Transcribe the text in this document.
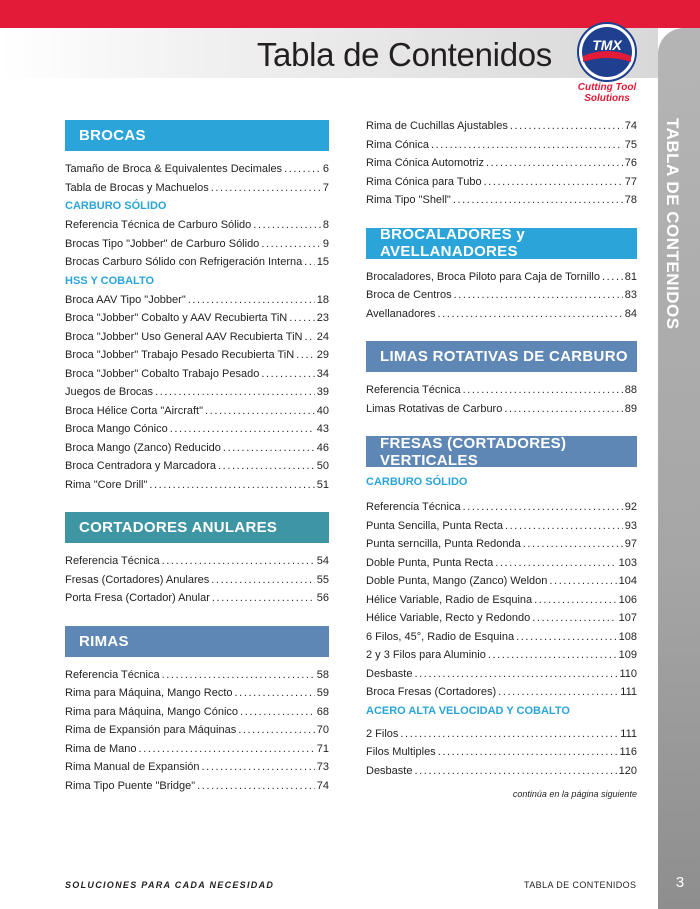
Tabla de Contenidos
TABLA DE CONTENIDOS
3
TMX
Cutting Tool
Solutions
BROCAS
Tamaño de Broca & Equivalentes Decimales .....	6
Tabla de Brocas y Machuelos .....	7
CARBURO SÓLIDO
Referencia Técnica de Carburo Sólido .....	8
Brocas Tipo "Jobber" de Carburo Sólido .....	9
Brocas Carburo Sólido con Refrigeración Interna ..... 15
HSS Y COBALTO
Broca AAV Tipo "Jobber" .....	18
Broca "Jobber" Cobalto y AAV Recubierta TiN .....	23
Broca "Jobber" Uso General AAV Recubierta TiN ..... 24
Broca "Jobber" Trabajo Pesado Recubierta TiN ..... 29
Broca "Jobber" Cobalto Trabajo Pesado .....	34
Juegos de Brocas .....	39
Broca Hélice Corta "Aircraft" .....	40
Broca Mango Cónico .....	43
Broca Mango (Zanco) Reducido .....	46
Broca Centradora y Marcadora .....	50
Rima "Core Drill" .....	51
CORTADORES ANULARES
Referencia Técnica .....	54
Fresas (Cortadores) Anulares .....	55
Porta Fresa (Cortador) Anular .....	56
RIMAS
Referencia Técnica .....	58
Rima para Máquina, Mango Recto .....	59
Rima para Máquina, Mango Cónico .....	68
Rima de Expansión para Máquinas .....	70
Rima de Mano .....	71
Rima Manual de Expansión .....	73
Rima Tipo Puente "Bridge" .....	74
Rima de Cuchillas Ajustables .....	74
Rima Cónica .....	75
Rima Cónica Automotriz .....	76
Rima Cónica para Tubo .....	77
Rima Tipo "Shell" .....	78
BROCALADORES y AVELLANADORES
Brocaladores, Broca Piloto para Caja de Tornillo ..... 81
Broca de Centros .....	83
Avellanadores .....	84
LIMAS ROTATIVAS DE CARBURO
Referencia Técnica .....	88
Limas Rotativas de Carburo .....	89
FRESAS (CORTADORES) VERTICALES
CARBURO SÓLIDO
Referencia Técnica .....	92
Punta Sencilla, Punta Recta .....	93
Punta serncilla, Punta Redonda .....	97
Doble Punta, Punta Recta .....	103
Doble Punta, Mango (Zanco) Weldon .....	104
Hélice Variable, Radio de Esquina .....	106
Hélice Variable, Recto y Redondo .....	107
6 Filos, 45°, Radio de Esquina .....	108
2 y 3 Filos para Aluminio .....	109
Desbaste .....	110
Broca Fresas (Cortadores) .....	111
ACERO ALTA VELOCIDAD Y COBALTO
2 Filos .....	111
Filos Multiples .....	116
Desbaste .....	120
continúa en la página siguiente
SOLUCIONES PARA CADA NECESIDAD	TABLA DE CONTENIDOS
